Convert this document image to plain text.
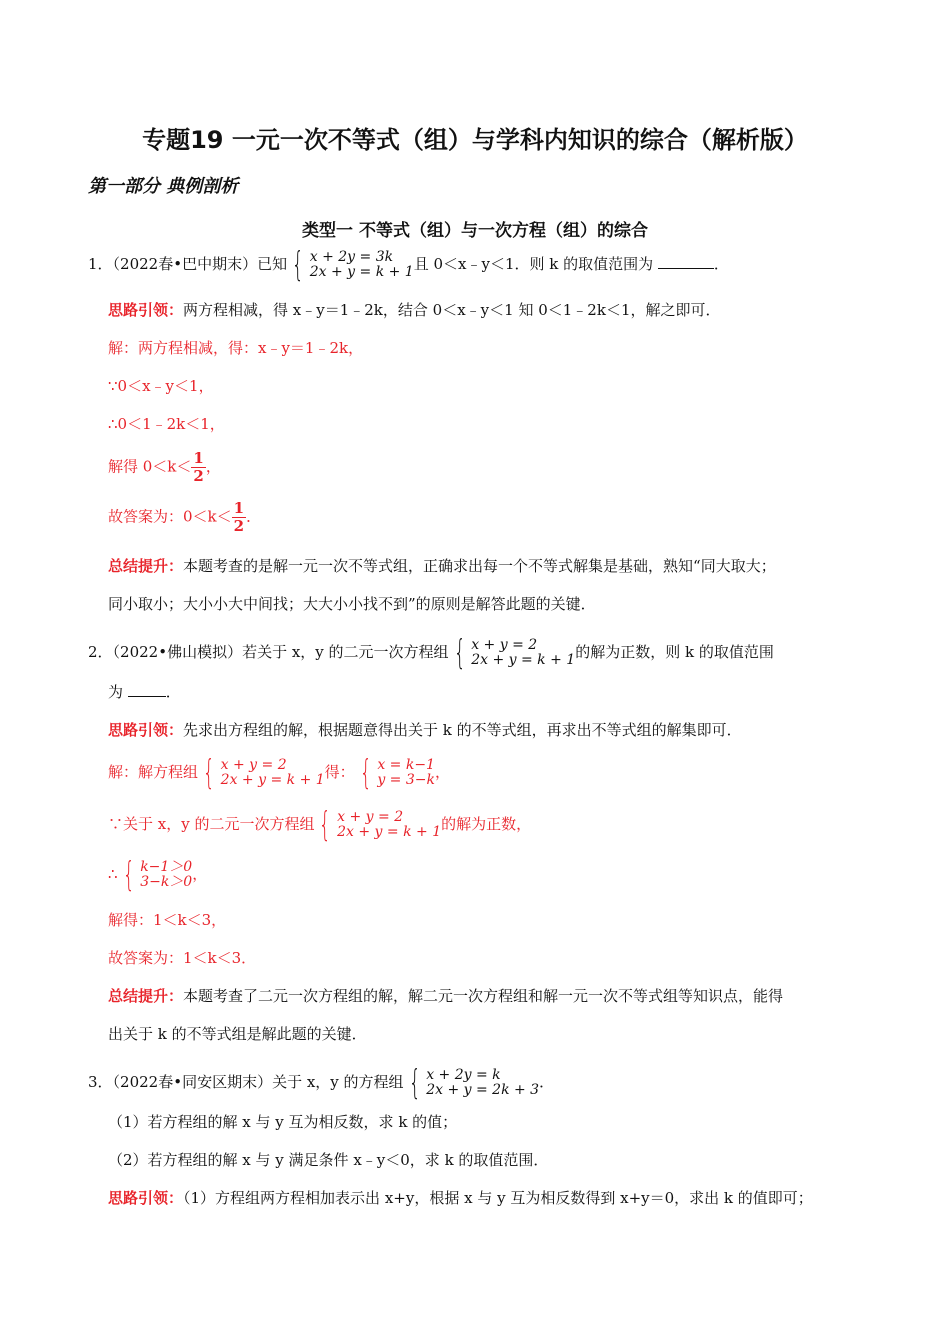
专题19 一元一次不等式（组）与学科内知识的综合（解析版）
第一部分 典例剖析
类型一 不等式（组）与一次方程（组）的综合
1．（2022春•巴中期末）已知 { x + 2y = 3k
2x + y = k + 1 且 0＜x﹣y＜1．则 k 的取值范围为	．
思路引领：两方程相减，得 x﹣y＝1﹣2k，结合 0＜x﹣y＜1 知 0＜1﹣2k＜1，解之即可．
解：两方程相减，得：x﹣y＝1﹣2k，
∵0＜x﹣y＜1，
∴0＜1﹣2k＜1，
解得 $0<k< \frac{1}{2}$ ，
故答案为：$0<k< \frac{1}{2}$ ．
总结提升：本题考查的是解一元一次不等式组，正确求出每一个不等式解集是基础，熟知“同大取大；
同小取小；大小小大中间找；大大小小找不到”的原则是解答此题的关键．
2．（2022•佛山模拟）若关于 x，y 的二元一次方程组 { x + y = 2
2x + y = k + 1 的解为正数，则 k 的取值范围
为	．
思路引领：先求出方程组的解，根据题意得出关于 k 的不等式组，再求出不等式组的解集即可．
解：解方程组 { x + y = 2
2x + y = k + 1 得： { x = k−1
y = 3−k ，
∵关于 x，y 的二元一次方程组 { x + y = 2
2x + y = k + 1 的解为正数，
∴ { k−1＞0
3−k＞0 ，
解得：1＜k＜3，
故答案为：1＜k＜3．
总结提升：本题考查了二元一次方程组的解，解二元一次方程组和解一元一次不等式组等知识点，能得
出关于 k 的不等式组是解此题的关键．
3．（2022春•同安区期末）关于 x，y 的方程组 { x + 2y = k
2x + y = 2k + 3 ．
（1）若方程组的解 x 与 y 互为相反数，求 k 的值；
（2）若方程组的解 x 与 y 满足条件 x﹣y＜0，求 k 的取值范围．
思路引领：（1）方程组两方程相加表示出 x+y，根据 x 与 y 互为相反数得到 x+y＝0，求出 k 的值即可；
